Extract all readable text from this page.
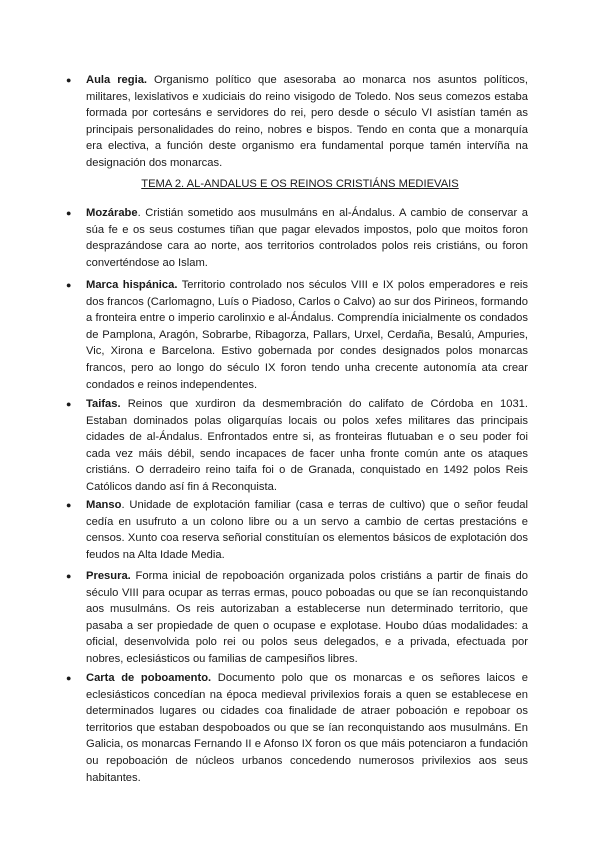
●	Aula regia. Organismo político que asesoraba ao monarca nos asuntos políticos, militares, lexislativos e xudiciais do reino visigodo de Toledo. Nos seus comezos estaba formada por cortesáns e servidores do rei, pero desde o século VI asistían tamén as principais personalidades do reino, nobres e bispos. Tendo en conta que a monarquía era electiva, a función deste organismo era fundamental porque tamén intervíña na designación dos monarcas.
TEMA 2. AL-ANDALUS E OS REINOS CRISTIÁNS MEDIEVAIS
●	Mozárabe. Cristián sometido aos musulmáns en al-Ándalus. A cambio de conservar a súa fe e os seus costumes tiñan que pagar elevados impostos, polo que moitos foron desprazándose cara ao norte, aos territorios controlados polos reis cristiáns, ou foron converténdose ao Islam.
●	Marca hispánica. Territorio controlado nos séculos VIII e IX polos emperadores e reis dos francos (Carlomagno, Luís o Piadoso, Carlos o Calvo) ao sur dos Pirineos, formando a fronteira entre o imperio carolinxio e al-Ándalus. Comprendía inicialmente os condados de Pamplona, Aragón, Sobrarbe, Ribagorza, Pallars, Urxel, Cerdaña, Besalú, Ampuries, Vic, Xirona e Barcelona. Estivo gobernada por condes designados polos monarcas francos, pero ao longo do século IX foron tendo unha crecente autonomía ata crear condados e reinos independentes.
●	Taifas. Reinos que xurdiron da desmembración do califato de Córdoba en 1031. Estaban dominados polas oligarquías locais ou polos xefes militares das principais cidades de al-Ándalus. Enfrontados entre si, as fronteiras flutuaban e o seu poder foi cada vez máis débil, sendo incapaces de facer unha fronte común ante os ataques cristiáns. O derradeiro reino taifa foi o de Granada, conquistado en 1492 polos Reis Católicos dando así fin á Reconquista.
●	Manso. Unidade de explotación familiar (casa e terras de cultivo) que o señor feudal cedía en usufruto a un colono libre ou a un servo a cambio de certas prestacións e censos. Xunto coa reserva señorial constituían os elementos básicos de explotación dos feudos na Alta Idade Media.
●	Presura. Forma inicial de repoboación organizada polos cristiáns a partir de finais do século VIII para ocupar as terras ermas, pouco poboadas ou que se ían reconquistando aos musulmáns. Os reis autorizaban a establecerse nun determinado territorio, que pasaba a ser propiedade de quen o ocupase e explotase. Houbo dúas modalidades: a oficial, desenvolvida polo rei ou polos seus delegados, e a privada, efectuada por nobres, eclesiásticos ou familias de campesiños libres.
●	Carta de poboamento. Documento polo que os monarcas e os señores laicos e eclesiásticos concedían na época medieval privilexios forais a quen se establecese en determinados lugares ou cidades coa finalidade de atraer poboación e repoboar os territorios que estaban despoboados ou que se ían reconquistando aos musulmáns. En Galicia, os monarcas Fernando II e Afonso IX foron os que máis potenciaron a fundación ou repoboación de núcleos urbanos concedendo numerosos privilexios aos seus habitantes.
